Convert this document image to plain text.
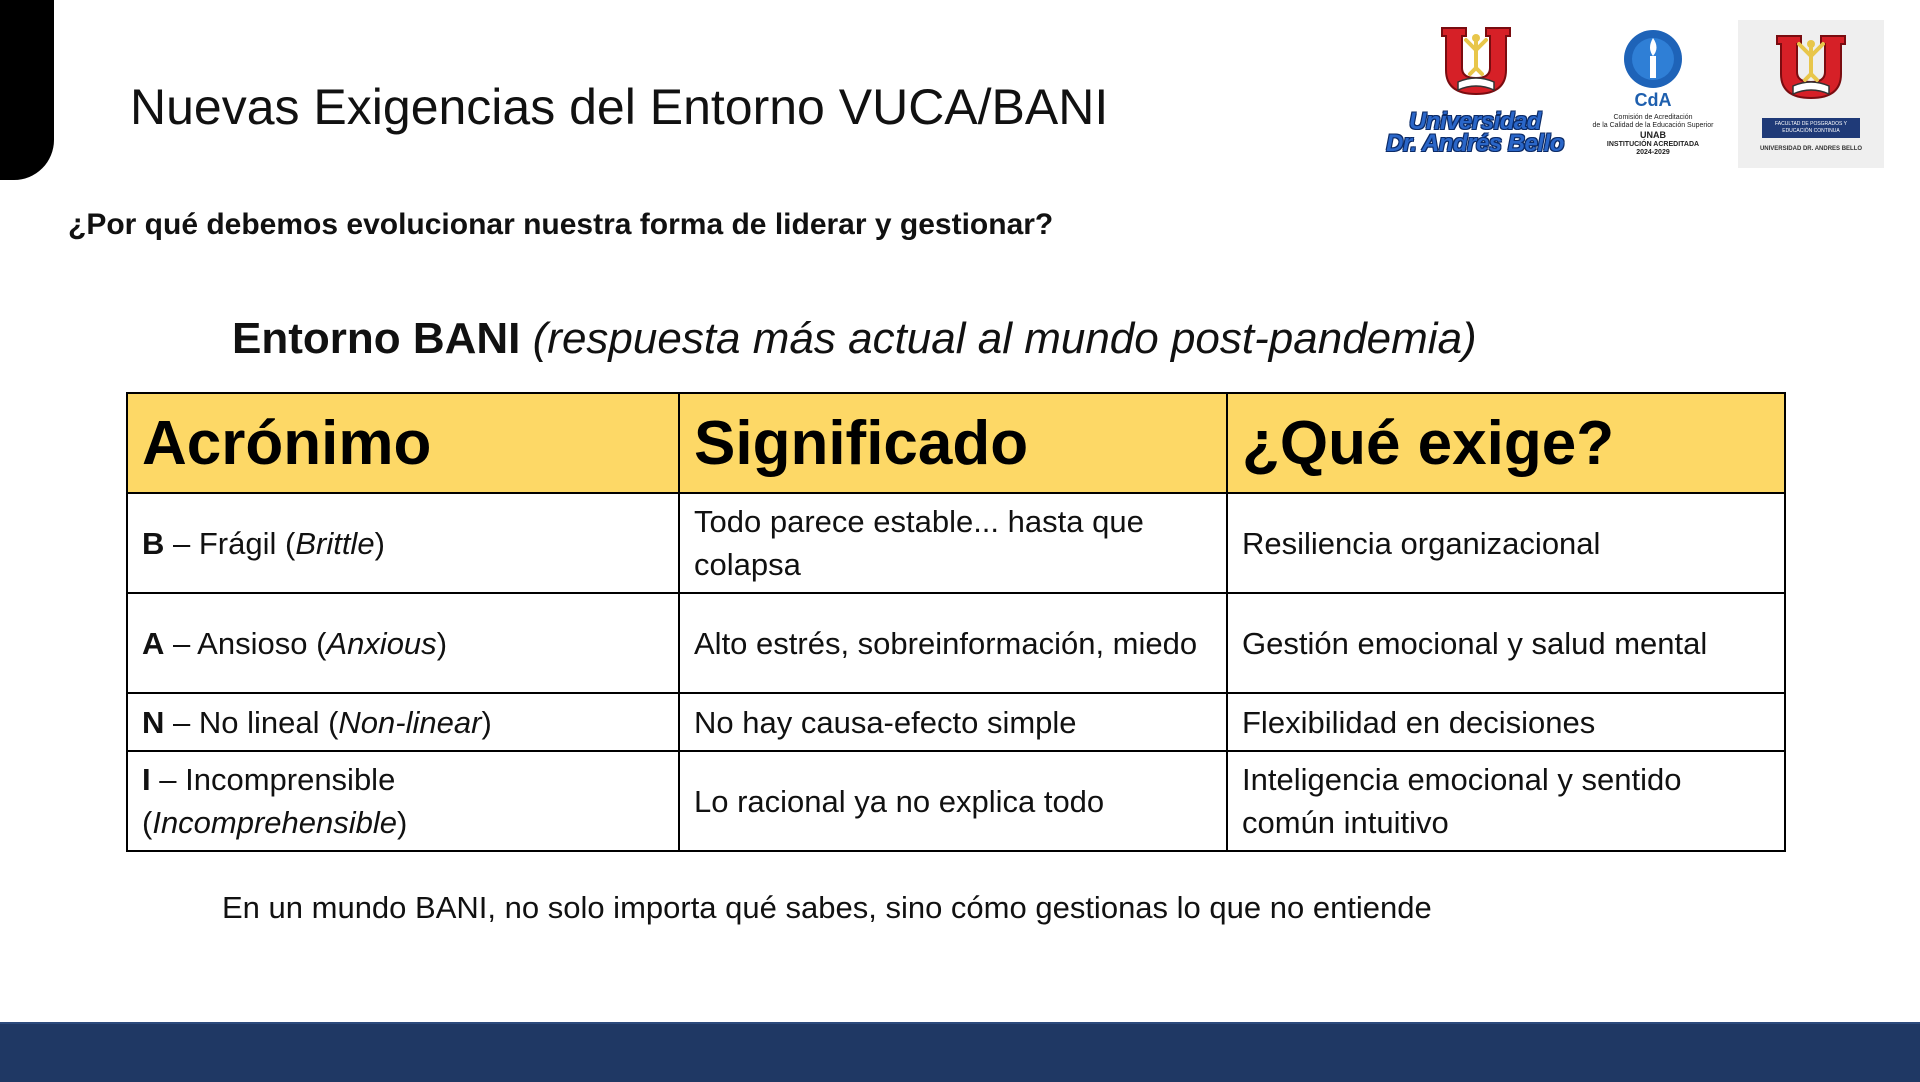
Nuevas Exigencias del Entorno VUCA/BANI	Universidad
Dr. Andrés Bello
CdA
Comisión de Acreditación
de la Calidad de la Educación Superior
UNAB
INSTITUCIÓN ACREDITADA
2024-2029
FACULTAD DE POSGRADOS Y EDUCACIÓN CONTINUA
UNIVERSIDAD DR. ANDRES BELLO
¿Por qué debemos evolucionar nuestra forma de liderar y gestionar?
Entorno BANI (respuesta más actual al mundo post-pandemia)
Acrónimo	Significado	¿Qué exige?
B – Frágil (Brittle)	Todo parece estable... hasta que colapsa	Resiliencia organizacional
A – Ansioso (Anxious)	Alto estrés, sobreinformación, miedo	Gestión emocional y salud mental
N – No lineal (Non-linear)	No hay causa-efecto simple	Flexibilidad en decisiones
I – Incomprensible (Incomprehensible)	Lo racional ya no explica todo	Inteligencia emocional y sentido común intuitivo
En un mundo BANI, no solo importa qué sabes, sino cómo gestionas lo que no entiende
